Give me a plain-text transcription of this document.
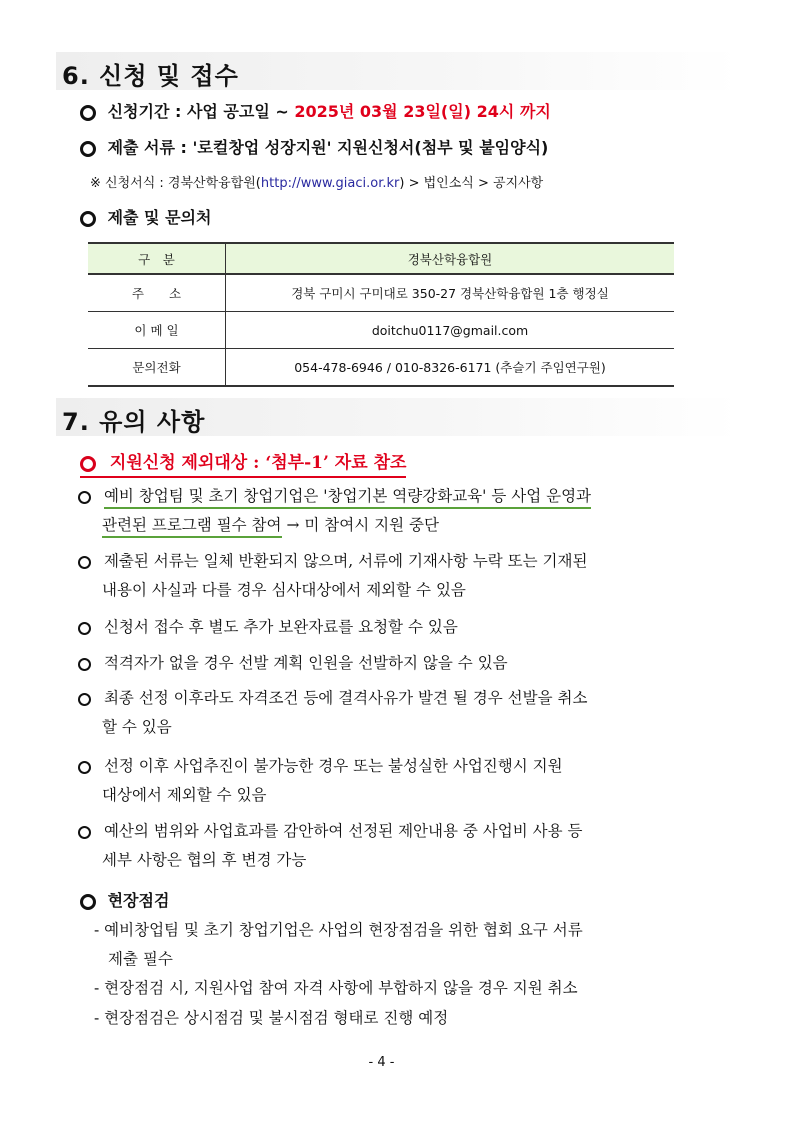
6. 신청 및 접수
신청기간 : 사업 공고일 ~ 2025년 03월 23일(일) 24시 까지
제출 서류 : '로컬창업 성장지원' 지원신청서(첨부 및 붙임양식)
※ 신청서식 : 경북산학융합원(http://www.giaci.or.kr) > 법인소식 > 공지사항
제출 및 문의처
구　분	경북산학융합원
주　　소	경북 구미시 구미대로 350-27 경북산학융합원 1층 행정실
이 메 일	doitchu0117@gmail.com
문의전화	054-478-6946 / 010-8326-6171 (추슬기 주임연구원)
7. 유의 사항
지원신청 제외대상 : ‘첨부-1’ 자료 참조
예비 창업팀 및 초기 창업기업은 '창업기본 역량강화교육' 등 사업 운영과
관련된 프로그램 필수 참여 → 미 참여시 지원 중단
제출된 서류는 일체 반환되지 않으며, 서류에 기재사항 누락 또는 기재된
내용이 사실과 다를 경우 심사대상에서 제외할 수 있음
신청서 접수 후 별도 추가 보완자료를 요청할 수 있음
적격자가 없을 경우 선발 계획 인원을 선발하지 않을 수 있음
최종 선정 이후라도 자격조건 등에 결격사유가 발견 될 경우 선발을 취소
할 수 있음
선정 이후 사업추진이 불가능한 경우 또는 불성실한 사업진행시 지원
대상에서 제외할 수 있음
예산의 범위와 사업효과를 감안하여 선정된 제안내용 중 사업비 사용 등
세부 사항은 협의 후 변경 가능
현장점검
- 예비창업팀 및 초기 창업기업은 사업의 현장점검을 위한 협회 요구 서류
제출 필수
- 현장점검 시, 지원사업 참여 자격 사항에 부합하지 않을 경우 지원 취소
- 현장점검은 상시점검 및 불시점검 형태로 진행 예정
- 4 -
